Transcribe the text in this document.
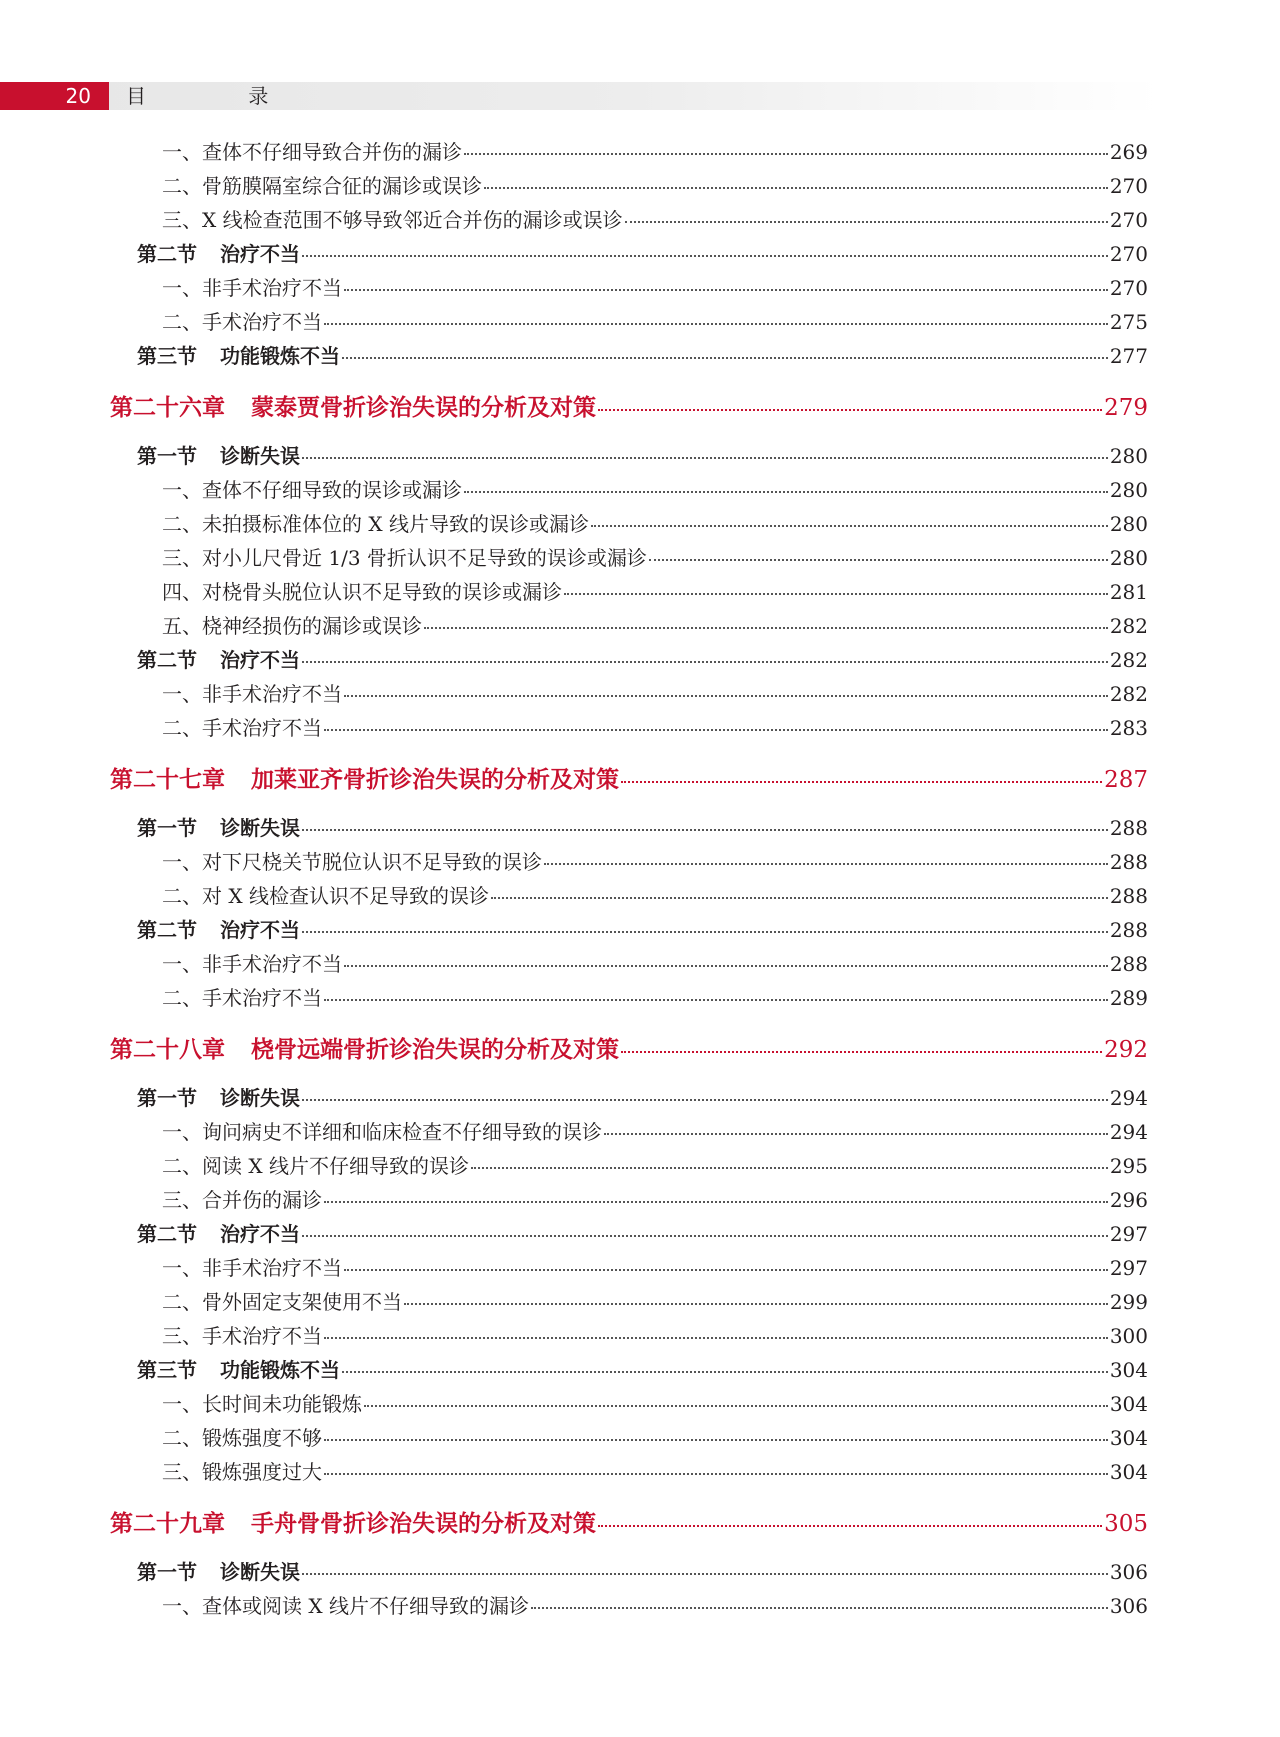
20	目 录
一、查体不仔细导致合并伤的漏诊	269
二、骨筋膜隔室综合征的漏诊或误诊	270
三、X 线检查范围不够导致邻近合并伤的漏诊或误诊	270
第二节 治疗不当	270
一、非手术治疗不当	270
二、手术治疗不当	275
第三节 功能锻炼不当	277
第二十六章 蒙泰贾骨折诊治失误的分析及对策	279
第一节 诊断失误	280
一、查体不仔细导致的误诊或漏诊	280
二、未拍摄标准体位的 X 线片导致的误诊或漏诊	280
三、对小儿尺骨近 1/3 骨折认识不足导致的误诊或漏诊	280
四、对桡骨头脱位认识不足导致的误诊或漏诊	281
五、桡神经损伤的漏诊或误诊	282
第二节 治疗不当	282
一、非手术治疗不当	282
二、手术治疗不当	283
第二十七章 加莱亚齐骨折诊治失误的分析及对策	287
第一节 诊断失误	288
一、对下尺桡关节脱位认识不足导致的误诊	288
二、对 X 线检查认识不足导致的误诊	288
第二节 治疗不当	288
一、非手术治疗不当	288
二、手术治疗不当	289
第二十八章 桡骨远端骨折诊治失误的分析及对策	292
第一节 诊断失误	294
一、询问病史不详细和临床检查不仔细导致的误诊	294
二、阅读 X 线片不仔细导致的误诊	295
三、合并伤的漏诊	296
第二节 治疗不当	297
一、非手术治疗不当	297
二、骨外固定支架使用不当	299
三、手术治疗不当	300
第三节 功能锻炼不当	304
一、长时间未功能锻炼	304
二、锻炼强度不够	304
三、锻炼强度过大	304
第二十九章 手舟骨骨折诊治失误的分析及对策	305
第一节 诊断失误	306
一、查体或阅读 X 线片不仔细导致的漏诊	306
